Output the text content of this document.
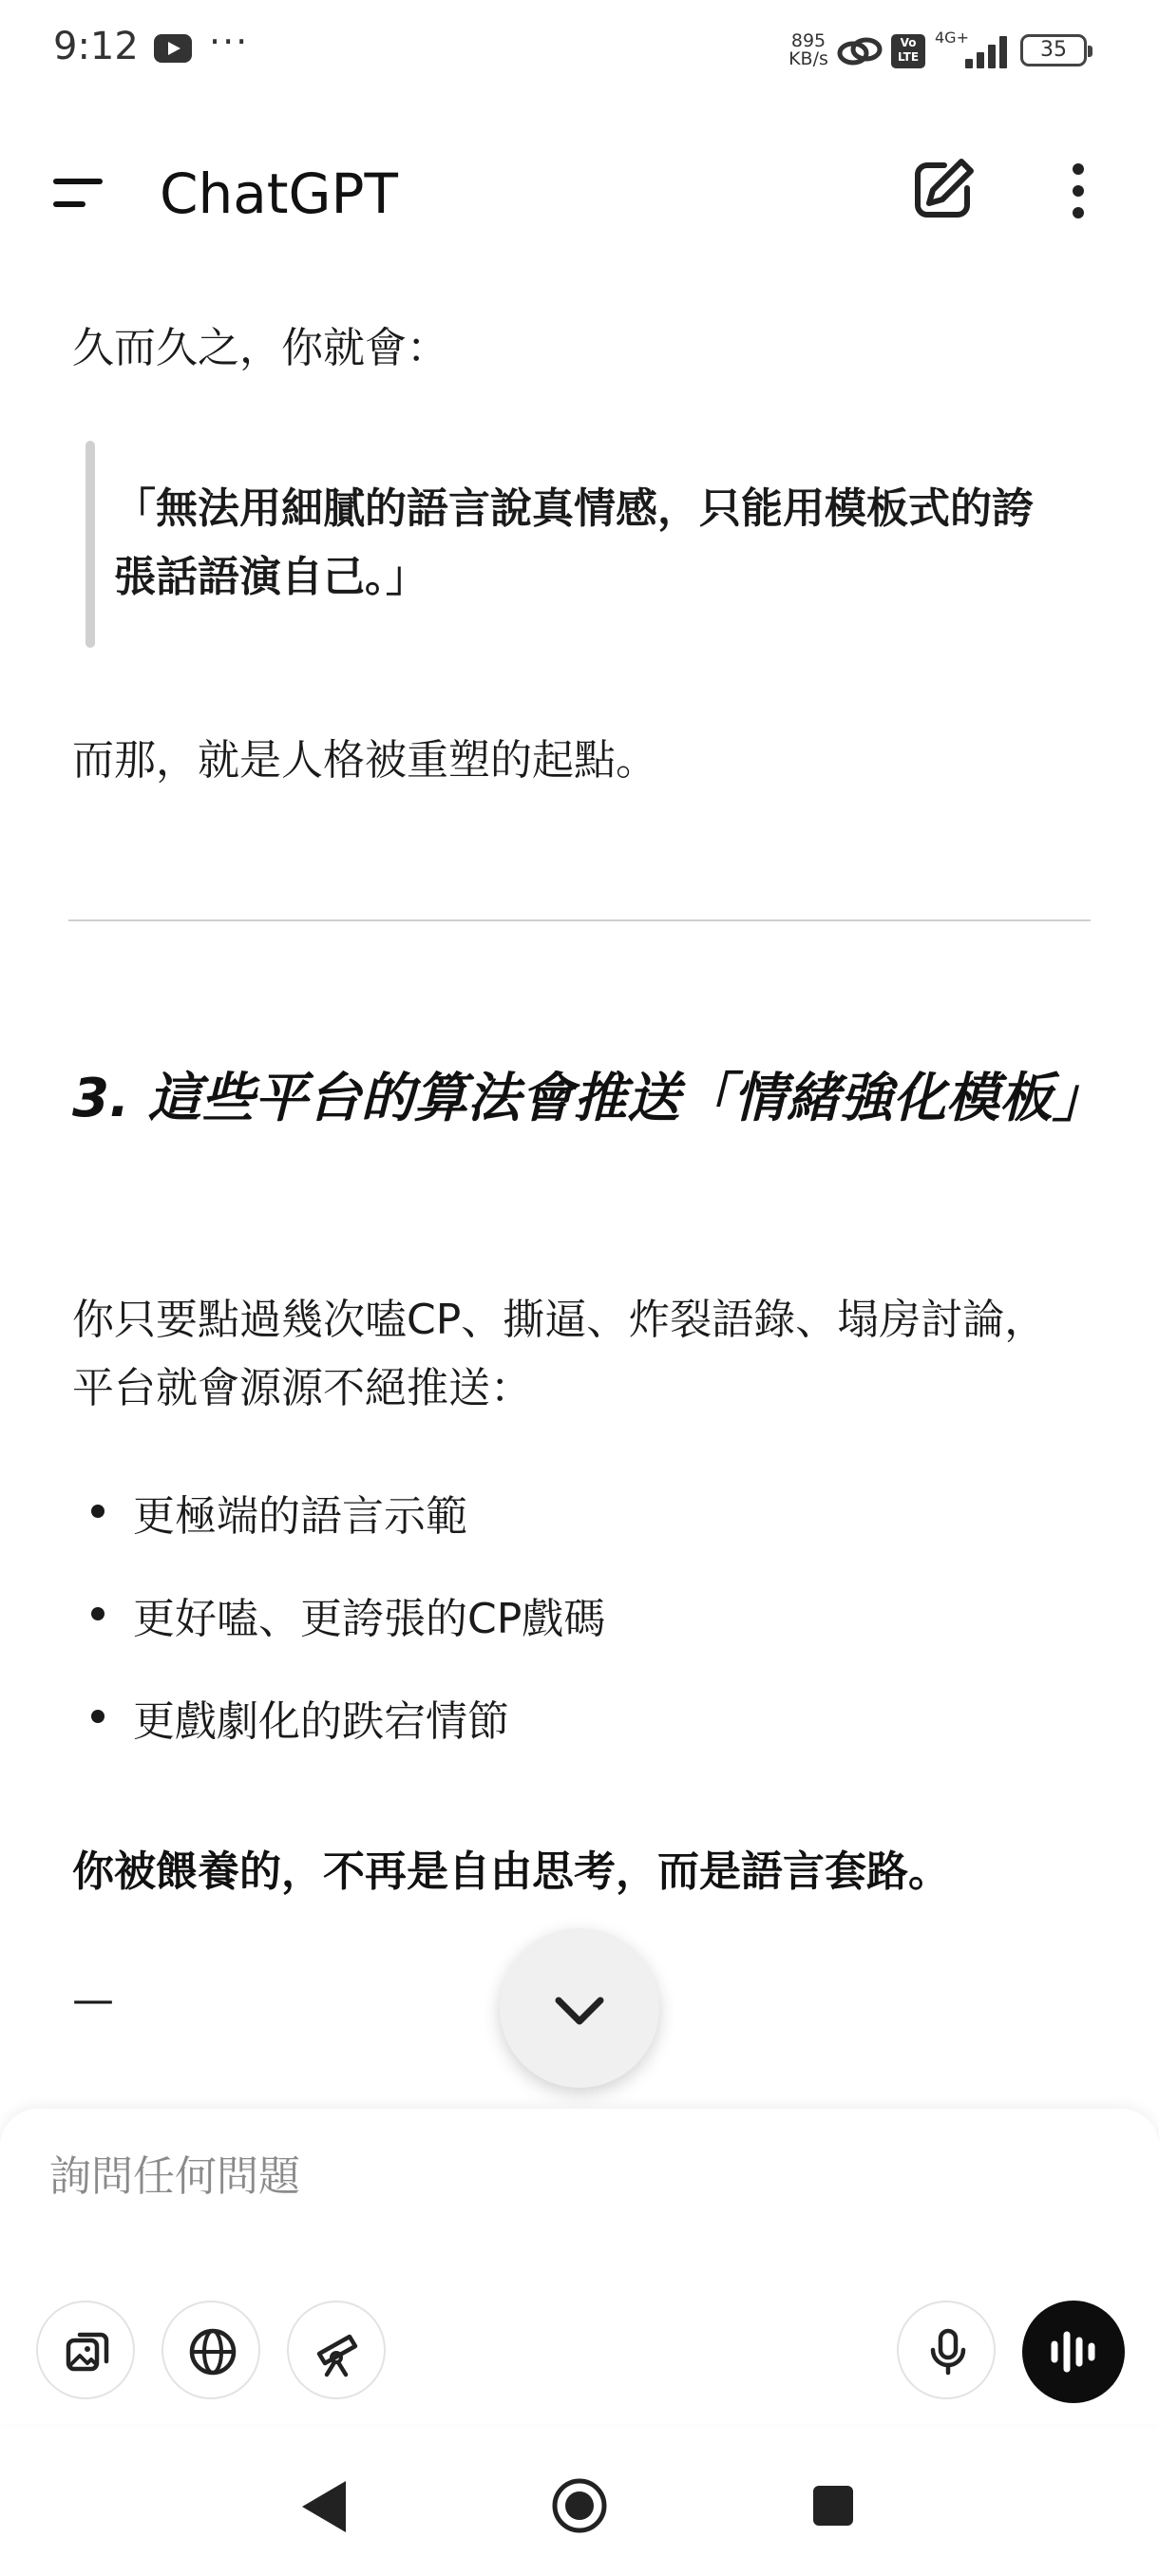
9:12 ···	895
KB/s
Vo
LTE
4G+
35
ChatGPT
久而久之，你就會：
「無法用細膩的語言說真情感，只能用模板式的誇張話語演自己。」
而那，就是人格被重塑的起點。
3. 這些平台的算法會推送「情緒強化模板」
你只要點過幾次嗑CP、撕逼、炸裂語錄、塌房討論， 平台就會源源不絕推送：
更極端的語言示範
更好嗑、更誇張的CP戲碼
更戲劇化的跌宕情節
你被餵養的，不再是自由思考，而是語言套路。
—
詢問任何問題
